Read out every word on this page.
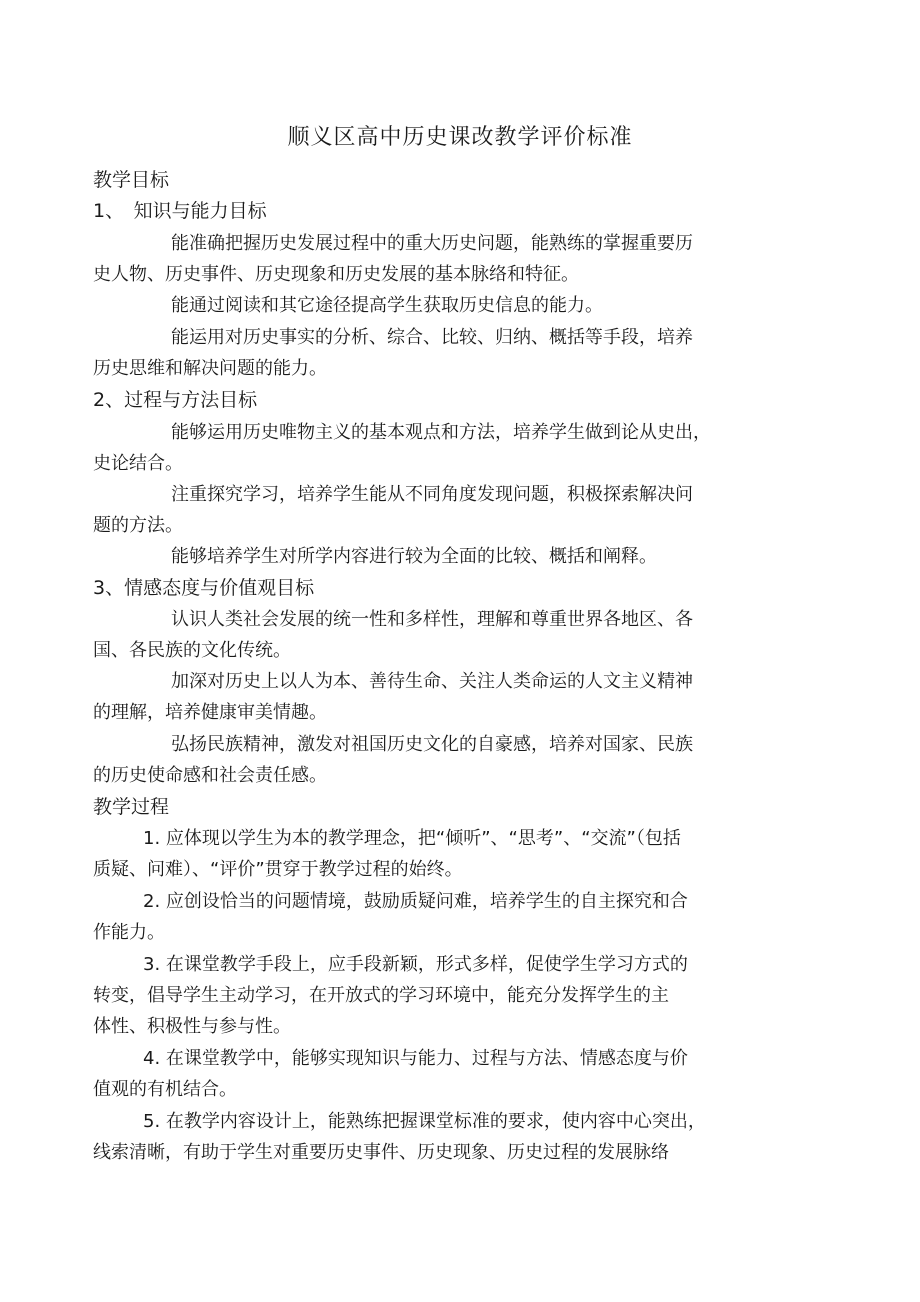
顺义区高中历史课改教学评价标准
教学目标
1、　知识与能力目标
能准确把握历史发展过程中的重大历史问题，能熟练的掌握重要历
史人物、历史事件、历史现象和历史发展的基本脉络和特征。
能通过阅读和其它途径提高学生获取历史信息的能力。
能运用对历史事实的分析、综合、比较、归纳、概括等手段，培养
历史思维和解决问题的能力。
2、过程与方法目标
能够运用历史唯物主义的基本观点和方法，培养学生做到论从史出，
史论结合。
注重探究学习，培养学生能从不同角度发现问题，积极探索解决问
题的方法。
能够培养学生对所学内容进行较为全面的比较、概括和阐释。
3、情感态度与价值观目标
认识人类社会发展的统一性和多样性，理解和尊重世界各地区、各
国、各民族的文化传统。
加深对历史上以人为本、善待生命、关注人类命运的人文主义精神
的理解，培养健康审美情趣。
弘扬民族精神，激发对祖国历史文化的自豪感，培养对国家、民族
的历史使命感和社会责任感。
教学过程
1. 应体现以学生为本的教学理念，把“倾听”、“思考”、“交流”（包括
质疑、问难）、“评价”贯穿于教学过程的始终。
2. 应创设恰当的问题情境，鼓励质疑问难，培养学生的自主探究和合
作能力。
3. 在课堂教学手段上，应手段新颖，形式多样，促使学生学习方式的
转变，倡导学生主动学习，在开放式的学习环境中，能充分发挥学生的主
体性、积极性与参与性。
4. 在课堂教学中，能够实现知识与能力、过程与方法、情感态度与价
值观的有机结合。
5. 在教学内容设计上，能熟练把握课堂标准的要求，使内容中心突出，
线索清晰，有助于学生对重要历史事件、历史现象、历史过程的发展脉络
